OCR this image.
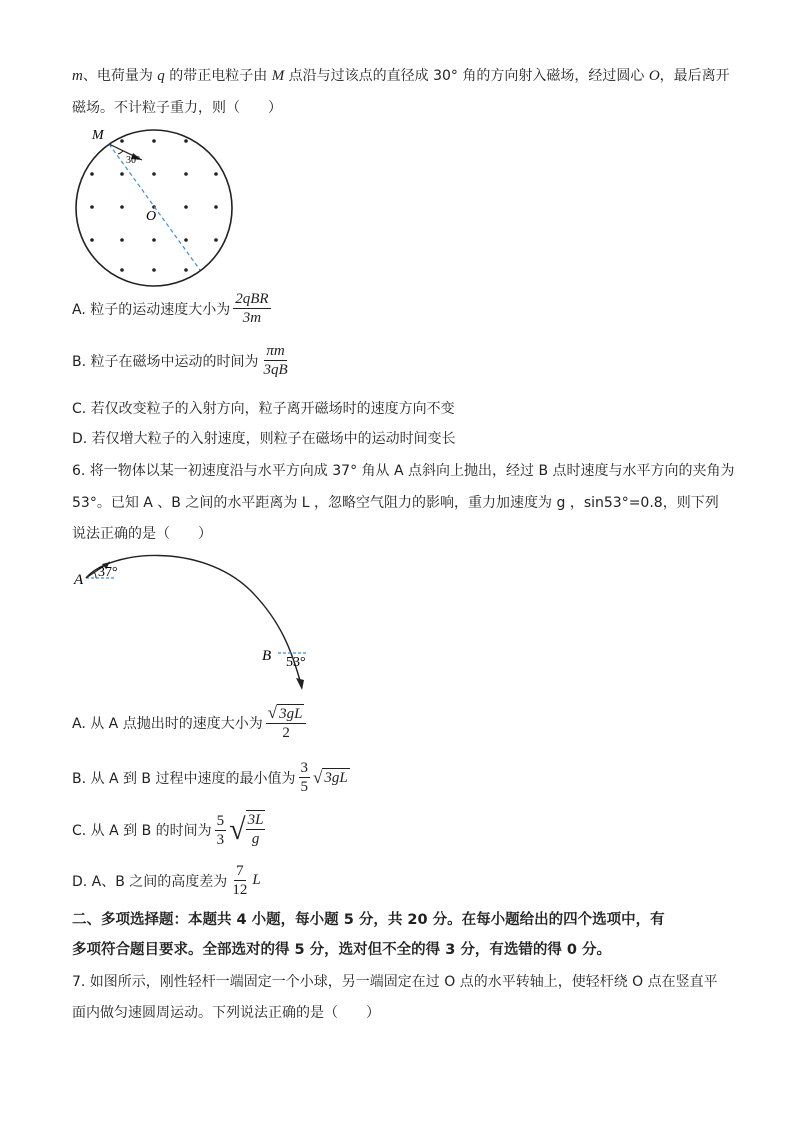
m、电荷量为 q 的带正电粒子由 M 点沿与过该点的直径成 30° 角的方向射入磁场，经过圆心 O，最后离开
磁场。不计粒子重力，则（　　）
M
O
30°
A. 粒子的运动速度大小为 $\frac{\text{2qBR}}{3m}$
B. 粒子在磁场中运动的时间为 $\frac{\pi m}{3qB}$
C. 若仅改变粒子的入射方向，粒子离开磁场时的速度方向不变
D. 若仅增大粒子的入射速度，则粒子在磁场中的运动时间变长
6. 将一物体以某一初速度沿与水平方向成 37° 角从 A 点斜向上抛出，经过 B 点时速度与水平方向的夹角为
53°。已知 A 、B 之间的水平距离为 L ，忽略空气阻力的影响，重力加速度为 g ，sin53°=0.8，则下列
说法正确的是（　　）
A 37°
B 53°
A. 从 A 点抛出时的速度大小为 $\frac{√ 3gL}{2}$
B. 从 A 到 B 过程中速度的最小值为 $\frac{3}{5}$ √ 3gL
C. 从 A 到 B 的时间为 $\frac{5}{3}$ √ $\frac{3L}{g}$
D. A、B 之间的高度差为 $\frac{7}{12}$ L
二、多项选择题：本题共 4 小题，每小题 5 分，共 20 分。在每小题给出的四个选项中，有
多项符合题目要求。全部选对的得 5 分，选对但不全的得 3 分，有选错的得 0 分。
7. 如图所示，刚性轻杆一端固定一个小球，另一端固定在过 O 点的水平转轴上，使轻杆绕 O 点在竖直平
面内做匀速圆周运动。下列说法正确的是（　　）
